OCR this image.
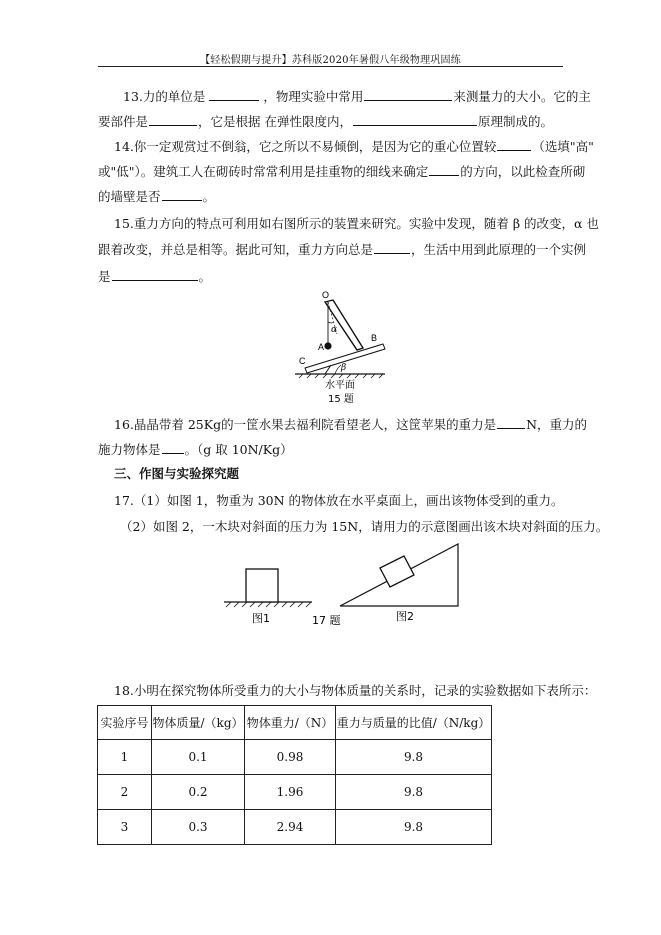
【轻松假期与提升】苏科版2020年暑假八年级物理巩固练
13.力的单位是	，物理实验中常用	来测量力的大小。它的主
要部件是	，它是根据 在弹性限度内，	原理制成的。
14.你一定观赏过不倒翁，它之所以不易倾倒，是因为它的重心位置较	（选填"高"
或"低"）。建筑工人在砌砖时常常利用是挂重物的细线来确定	的方向，以此检查所砌
的墙壁是否	。
15.重力方向的特点可利用如右图所示的装置来研究。实验中发现，随着 β 的改变，α 也
跟着改变，并总是相等。据此可知，重力方向总是	，生活中用到此原理的一个实例
是	。
O
A
B
C
α
β
水平面
15 题
16.晶晶带着 25Kg的一筐水果去福利院看望老人，这筐苹果的重力是 N，重力的
施力物体是 。（g 取 10N/Kg）
三、作图与实验探究题
17.（1）如图 1，物重为 30N 的物体放在水平桌面上，画出该物体受到的重力。
（2）如图 2，一木块对斜面的压力为 15N，请用力的示意图画出该木块对斜面的压力。
图1	17 题	图2
18.小明在探究物体所受重力的大小与物体质量的关系时，记录的实验数据如下表所示：
实验序号	物体质量/（kg）	物体重力/（N）	重力与质量的比值/（N/kg）
1	0.1	0.98	9.8
2	0.2	1.96	9.8
3	0.3	2.94	9.8
